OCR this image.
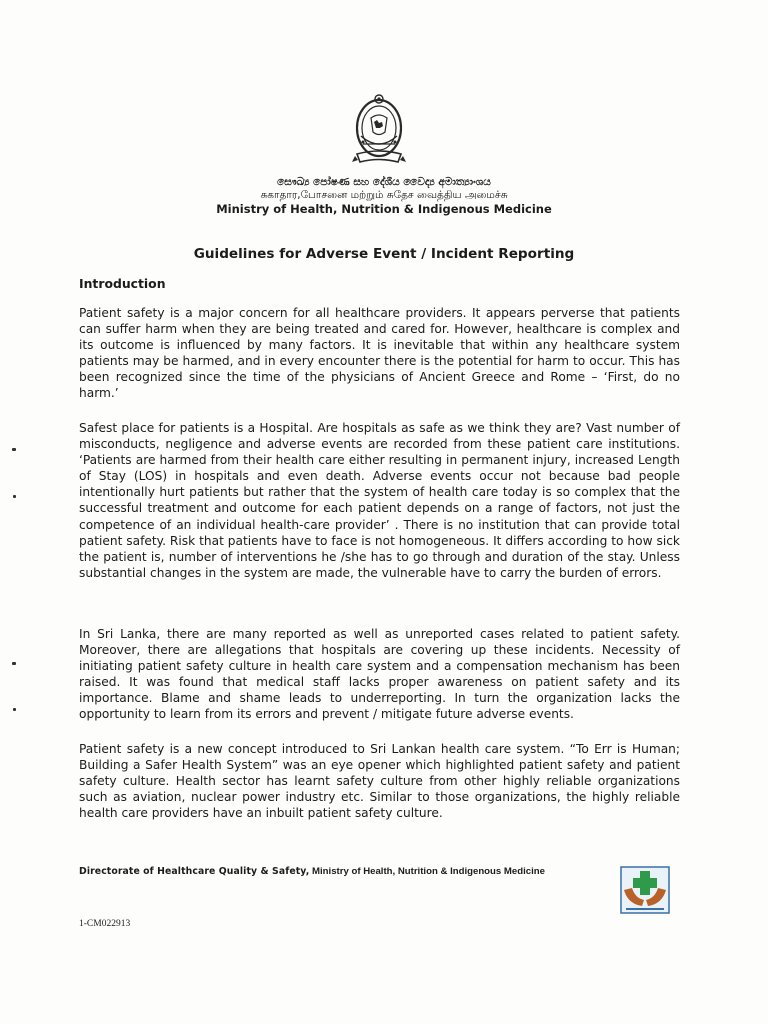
සෞඛ්‍ය පෝෂණ සහ දේශීය වෛද්‍ය අමාත්‍යාංශය
சுகாதார,போசனை மற்றும் சுதேச வைத்திய அமைச்சு
Ministry of Health, Nutrition & Indigenous Medicine
Guidelines for Adverse Event / Incident Reporting
Introduction

Patient safety is a major concern for all healthcare providers. It appears perverse that patients can suffer harm when they are being treated and cared for. However, healthcare is complex and its outcome is influenced by many factors. It is inevitable that within any healthcare system patients may be harmed, and in every encounter there is the potential for harm to occur. This has been recognized since the time of the physicians of Ancient Greece and Rome – ‘First, do no harm.’

Safest place for patients is a Hospital. Are hospitals as safe as we think they are? Vast number of misconducts, negligence and adverse events are recorded from these patient care institutions. ‘Patients are harmed from their health care either resulting in permanent injury, increased Length of Stay (LOS) in hospitals and even death. Adverse events occur not because bad people intentionally hurt patients but rather that the system of health care today is so complex that the successful treatment and outcome for each patient depends on a range of factors, not just the competence of an individual health-care provider’ . There is no institution that can provide total patient safety. Risk that patients have to face is not homogeneous. It differs according to how sick the patient is, number of interventions he /she has to go through and duration of the stay. Unless substantial changes in the system are made, the vulnerable have to carry the burden of errors.

In Sri Lanka, there are many reported as well as unreported cases related to patient safety. Moreover, there are allegations that hospitals are covering up these incidents. Necessity of initiating patient safety culture in health care system and a compensation mechanism has been raised. It was found that medical staff lacks proper awareness on patient safety and its importance. Blame and shame leads to underreporting. In turn the organization lacks the opportunity to learn from its errors and prevent / mitigate future adverse events.

Patient safety is a new concept introduced to Sri Lankan health care system. “To Err is Human; Building a Safer Health System” was an eye opener which highlighted patient safety and patient safety culture. Health sector has learnt safety culture from other highly reliable organizations such as aviation, nuclear power industry etc. Similar to those organizations, the highly reliable health care providers have an inbuilt patient safety culture.

Directorate of Healthcare Quality & Safety, Ministry of Health, Nutrition & Indigenous Medicine
1-CM022913
